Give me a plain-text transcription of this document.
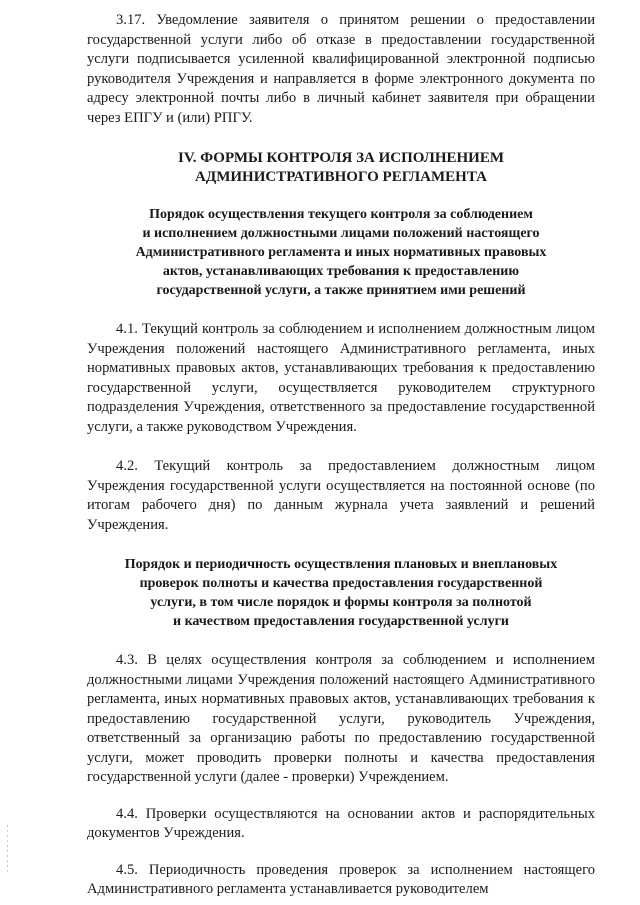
3.17. Уведомление заявителя о принятом решении о предоставлении государственной услуги либо об отказе в предоставлении государственной услуги подписывается усиленной квалифицированной электронной подписью руководителя Учреждения и направляется в форме электронного документа по адресу электронной почты либо в личный кабинет заявителя при обращении через ЕПГУ и (или) РПГУ.

IV. ФОРМЫ КОНТРОЛЯ ЗА ИСПОЛНЕНИЕМ

АДМИНИСТРАТИВНОГО РЕГЛАМЕНТА

Порядок осуществления текущего контроля за соблюдением

и исполнением должностными лицами положений настоящего

Административного регламента и иных нормативных правовых

актов, устанавливающих требования к предоставлению

государственной услуги, а также принятием ими решений

4.1. Текущий контроль за соблюдением и исполнением должностным лицом Учреждения положений настоящего Административного регламента, иных нормативных правовых актов, устанавливающих требования к предоставлению государственной услуги, осуществляется руководителем структурного подразделения Учреждения, ответственного за предоставление государственной услуги, а также руководством Учреждения.

4.2. Текущий контроль за предоставлением должностным лицом Учреждения государственной услуги осуществляется на постоянной основе (по итогам рабочего дня) по данным журнала учета заявлений и решений Учреждения.

Порядок и периодичность осуществления плановых и внеплановых

проверок полноты и качества предоставления государственной

услуги, в том числе порядок и формы контроля за полнотой

и качеством предоставления государственной услуги

4.3. В целях осуществления контроля за соблюдением и исполнением должностными лицами Учреждения положений настоящего Административного регламента, иных нормативных правовых актов, устанавливающих требования к предоставлению государственной услуги, руководитель Учреждения, ответственный за организацию работы по предоставлению государственной услуги, может проводить проверки полноты и качества предоставления государственной услуги (далее - проверки) Учреждением.

4.4. Проверки осуществляются на основании актов и распорядительных документов Учреждения.

4.5. Периодичность проведения проверок за исполнением настоящего Административного регламента устанавливается руководителем
